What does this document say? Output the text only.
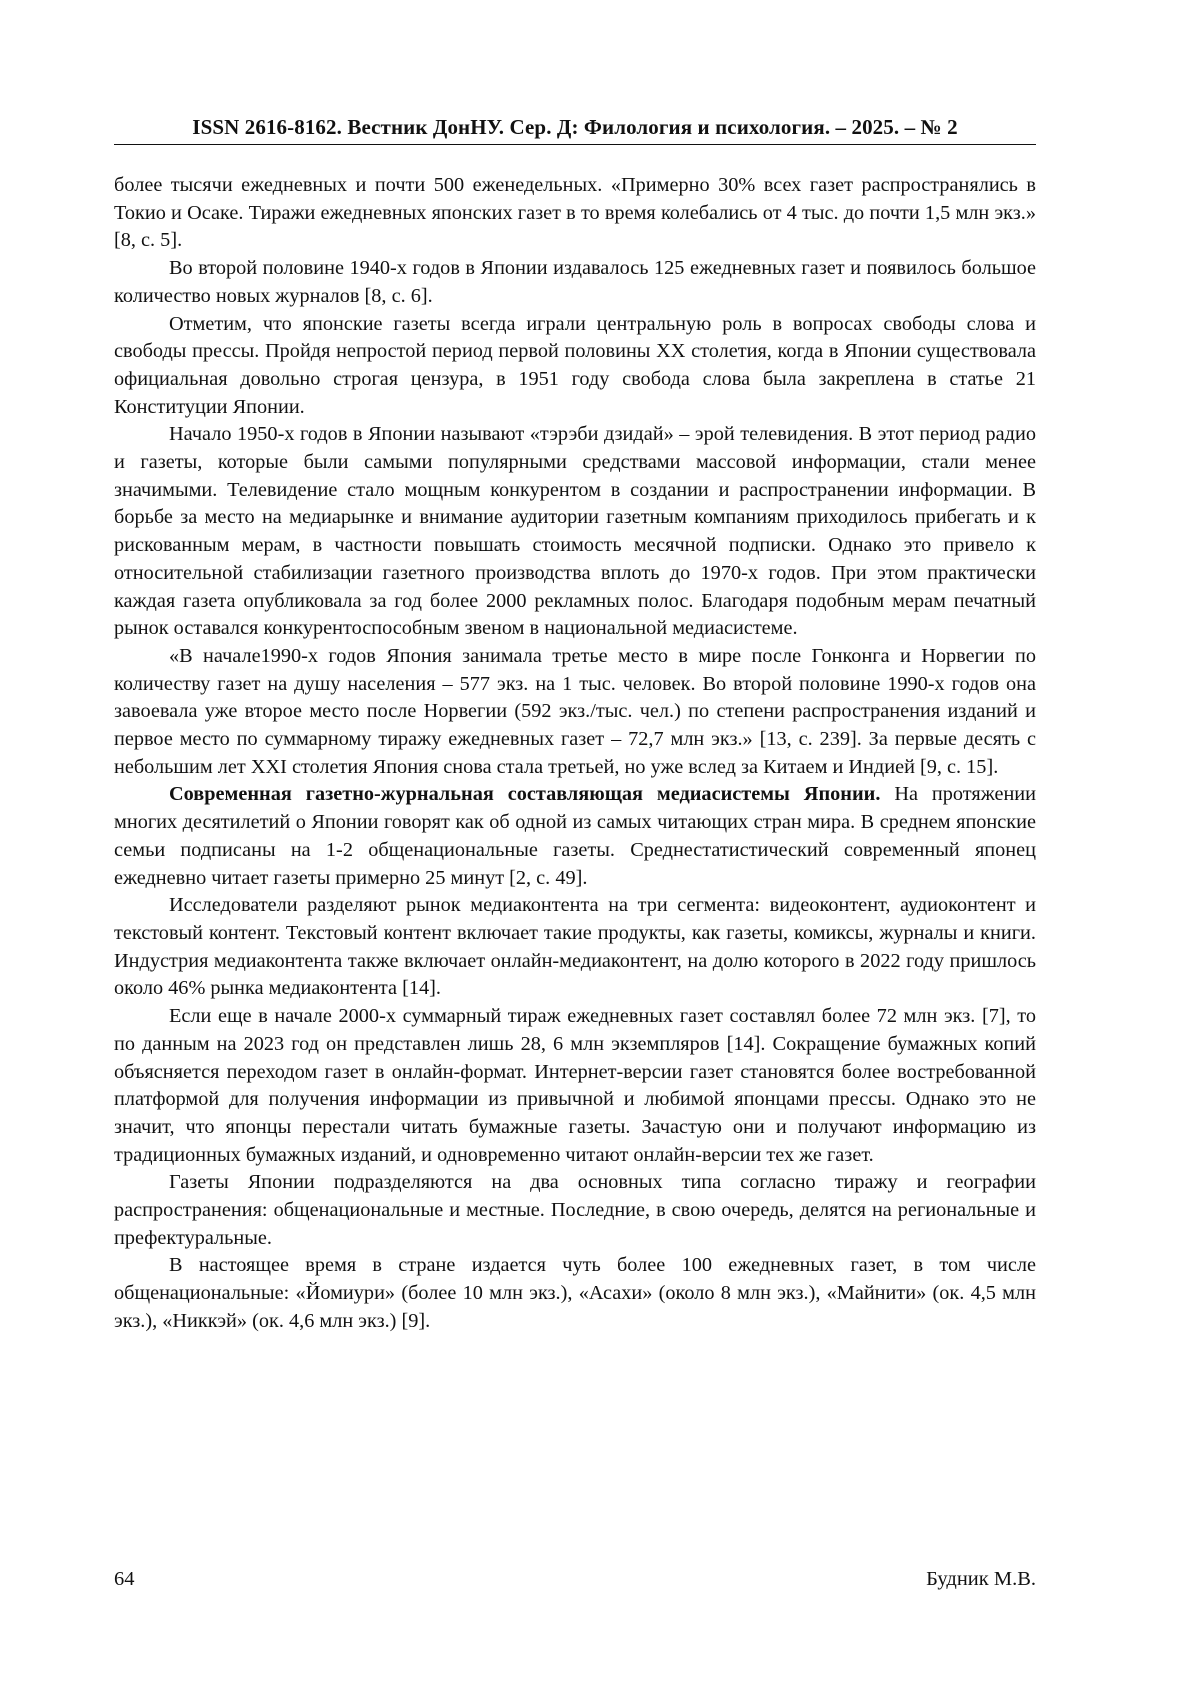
ISSN 2616-8162. Вестник ДонНУ. Сер. Д: Филология и психология. – 2025. – № 2

более тысячи ежедневных и почти 500 еженедельных. «Примерно 30% всех газет распространялись в Токио и Осаке. Тиражи ежедневных японских газет в то время колебались от 4 тыс. до почти 1,5 млн экз.» [8, с. 5].

Во второй половине 1940-х годов в Японии издавалось 125 ежедневных газет и появилось большое количество новых журналов [8, с. 6].

Отметим, что японские газеты всегда играли центральную роль в вопросах свободы слова и свободы прессы. Пройдя непростой период первой половины XX столетия, когда в Японии существовала официальная довольно строгая цензура, в 1951 году свобода слова была закреплена в статье 21 Конституции Японии.

Начало 1950-х годов в Японии называют «тэрэби дзидай» – эрой телевидения. В этот период радио и газеты, которые были самыми популярными средствами массовой информации, стали менее значимыми. Телевидение стало мощным конкурентом в создании и распространении информации. В борьбе за место на медиарынке и внимание аудитории газетным компаниям приходилось прибегать и к рискованным мерам, в частности повышать стоимость месячной подписки. Однако это привело к относительной стабилизации газетного производства вплоть до 1970-х годов. При этом практически каждая газета опубликовала за год более 2000 рекламных полос. Благодаря подобным мерам печатный рынок оставался конкурентоспособным звеном в национальной медиасистеме.

«В начале1990-х годов Япония занимала третье место в мире после Гонконга и Норвегии по количеству газет на душу населения – 577 экз. на 1 тыс. человек. Во второй половине 1990-х годов она завоевала уже второе место после Норвегии (592 экз./тыс. чел.) по степени распространения изданий и первое место по суммарному тиражу ежедневных газет – 72,7 млн экз.» [13, с. 239]. За первые десять с небольшим лет XXI столетия Япония снова стала третьей, но уже вслед за Китаем и Индией [9, с. 15].

Современная газетно-журнальная составляющая медиасистемы Японии. На протяжении многих десятилетий о Японии говорят как об одной из самых читающих стран мира. В среднем японские семьи подписаны на 1-2 общенациональные газеты. Среднестатистический современный японец ежедневно читает газеты примерно 25 минут [2, с. 49].

Исследователи разделяют рынок медиаконтента на три сегмента: видеоконтент, аудиоконтент и текстовый контент. Текстовый контент включает такие продукты, как газеты, комиксы, журналы и книги. Индустрия медиаконтента также включает онлайн-медиаконтент, на долю которого в 2022 году пришлось около 46% рынка медиаконтента [14].

Если еще в начале 2000-х суммарный тираж ежедневных газет составлял более 72 млн экз. [7], то по данным на 2023 год он представлен лишь 28, 6 млн экземпляров [14]. Сокращение бумажных копий объясняется переходом газет в онлайн-формат. Интернет-версии газет становятся более востребованной платформой для получения информации из привычной и любимой японцами прессы. Однако это не значит, что японцы перестали читать бумажные газеты. Зачастую они и получают информацию из традиционных бумажных изданий, и одновременно читают онлайн-версии тех же газет.

Газеты Японии подразделяются на два основных типа согласно тиражу и географии распространения: общенациональные и местные. Последние, в свою очередь, делятся на региональные и префектуральные.

В настоящее время в стране издается чуть более 100 ежедневных газет, в том числе общенациональные: «Йомиури» (более 10 млн экз.), «Асахи» (около 8 млн экз.), «Майнити» (ок. 4,5 млн экз.), «Никкэй» (ок. 4,6 млн экз.) [9].

64	Будник М.В.
